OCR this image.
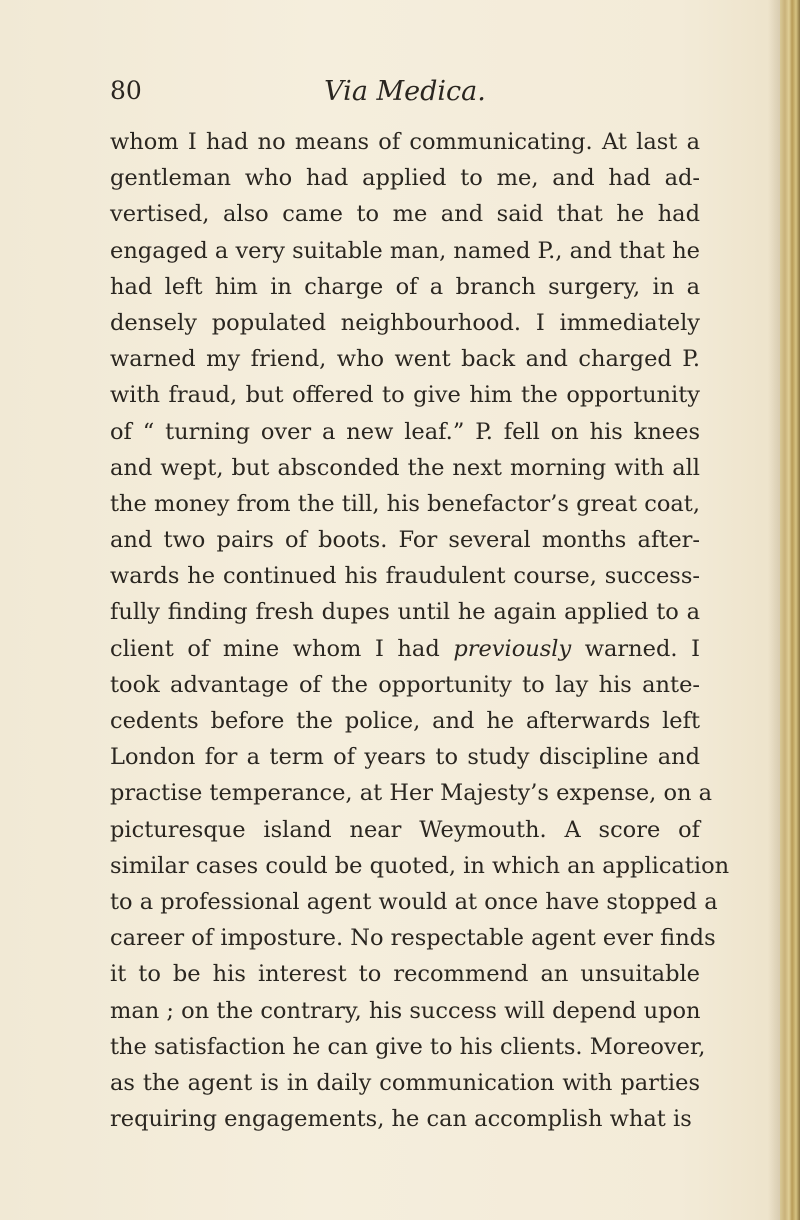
80	Via Medica.
whom I had no means of communicating. At last a
gentleman who had applied to me, and had ad-
vertised, also came to me and said that he had
engaged a very suitable man, named P., and that he
had left him in charge of a branch surgery, in a
densely populated neighbourhood. I immediately
warned my friend, who went back and charged P.
with fraud, but offered to give him the opportunity
of “ turning over a new leaf.” P. fell on his knees
and wept, but absconded the next morning with all
the money from the till, his benefactor’s great coat,
and two pairs of boots. For several months after-
wards he continued his fraudulent course, success-
fully finding fresh dupes until he again applied to a
client of mine whom I had previously warned. I
took advantage of the opportunity to lay his ante-
cedents before the police, and he afterwards left
London for a term of years to study discipline and
practise temperance, at Her Majesty’s expense, on a
picturesque island near Weymouth. A score of
similar cases could be quoted, in which an application
to a professional agent would at once have stopped a
career of imposture. No respectable agent ever finds
it to be his interest to recommend an unsuitable
man ; on the contrary, his success will depend upon
the satisfaction he can give to his clients. Moreover,
as the agent is in daily communication with parties
requiring engagements, he can accomplish what is
